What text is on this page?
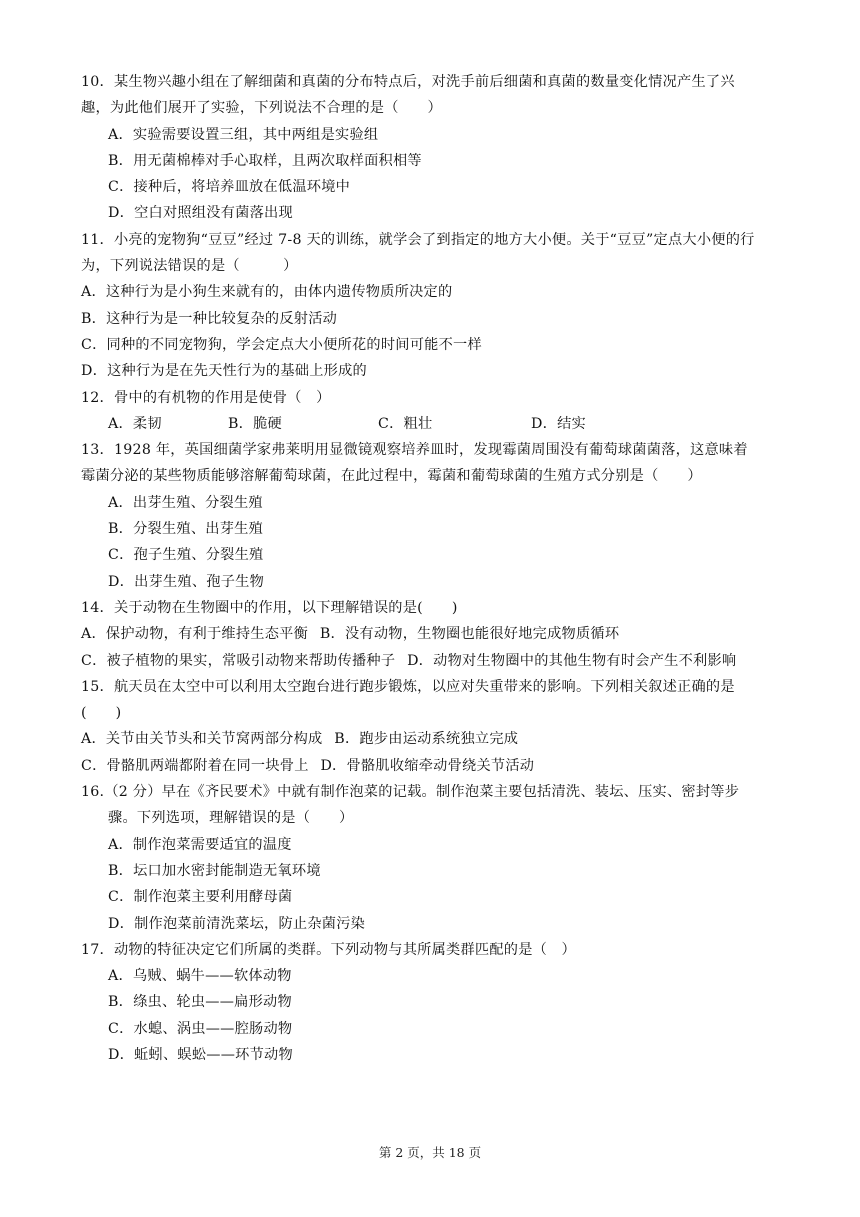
10．某生物兴趣小组在了解细菌和真菌的分布特点后，对洗手前后细菌和真菌的数量变化情况产生了兴
趣，为此他们展开了实验，下列说法不合理的是（　　）
A．实验需要设置三组，其中两组是实验组
B．用无菌棉棒对手心取样，且两次取样面积相等
C．接种后，将培养皿放在低温环境中
D．空白对照组没有菌落出现
11．小亮的宠物狗“豆豆”经过 7-8 天的训练，就学会了到指定的地方大小便。关于“豆豆”定点大小便的行
为，下列说法错误的是（　　　）
A．这种行为是小狗生来就有的，由体内遗传物质所决定的
B．这种行为是一种比较复杂的反射活动
C．同种的不同宠物狗，学会定点大小便所花的时间可能不一样
D．这种行为是在先天性行为的基础上形成的
12．骨中的有机物的作用是使骨（　）
A．柔韧	B．脆硬	C．粗壮	D．结实
13．1928 年，英国细菌学家弗莱明用显微镜观察培养皿时，发现霉菌周围没有葡萄球菌菌落，这意味着
霉菌分泌的某些物质能够溶解葡萄球菌，在此过程中，霉菌和葡萄球菌的生殖方式分别是（　　）
A．出芽生殖、分裂生殖
B．分裂生殖、出芽生殖
C．孢子生殖、分裂生殖
D．出芽生殖、孢子生物
14．关于动物在生物圈中的作用，以下理解错误的是(　　)
A．保护动物，有利于维持生态平衡 B．没有动物，生物圈也能很好地完成物质循环
C．被子植物的果实，常吸引动物来帮助传播种子 D．动物对生物圈中的其他生物有时会产生不利影响
15．航天员在太空中可以利用太空跑台进行跑步锻炼，以应对失重带来的影响。下列相关叙述正确的是
(　　)
A．关节由关节头和关节窝两部分构成 B．跑步由运动系统独立完成
C．骨骼肌两端都附着在同一块骨上 D．骨骼肌收缩牵动骨绕关节活动
16.（2 分）早在《齐民要术》中就有制作泡菜的记载。制作泡菜主要包括清洗、装坛、压实、密封等步
骤。下列选项，理解错误的是（　　）
A．制作泡菜需要适宜的温度
B．坛口加水密封能制造无氧环境
C．制作泡菜主要利用酵母菌
D．制作泡菜前清洗菜坛，防止杂菌污染
17．动物的特征决定它们所属的类群。下列动物与其所属类群匹配的是（　）
A．乌贼、蜗牛——软体动物
B．绦虫、轮虫——扁形动物
C．水螅、涡虫——腔肠动物
D．蚯蚓、蜈蚣——环节动物
第 2 页，共 18 页
